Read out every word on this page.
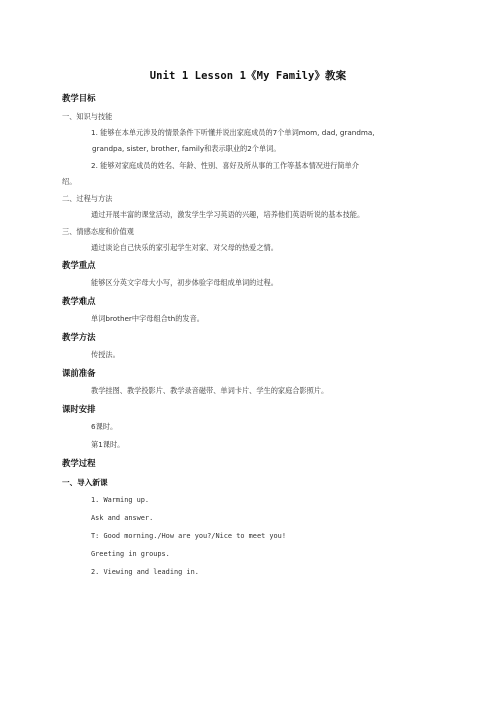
Unit 1 Lesson 1《My Family》教案
教学目标
一、知识与技能
1. 能够在本单元涉及的情景条件下听懂并说出家庭成员的7个单词mom, dad, grandma,
grandpa, sister, brother, family和表示职业的2个单词。
2. 能够对家庭成员的姓名、年龄、性别、喜好及所从事的工作等基本情况进行简单介
绍。
二、过程与方法
通过开展丰富的课堂活动，激发学生学习英语的兴趣，培养他们英语听说的基本技能。
三、情感态度和价值观
通过谈论自己快乐的家引起学生对家、对父母的热爱之情。
教学重点
能够区分英文字母大小写，初步体验字母组成单词的过程。
教学难点
单词brother中字母组合th的发音。
教学方法
传授法。
课前准备
教学挂图、教学投影片、教学录音磁带、单词卡片、学生的家庭合影照片。
课时安排
6课时。
第1课时。
教学过程
一、导入新课
1. Warming up.
Ask and answer.
T: Good morning./How are you?/Nice to meet you!
Greeting in groups.
2. Viewing and leading in.
